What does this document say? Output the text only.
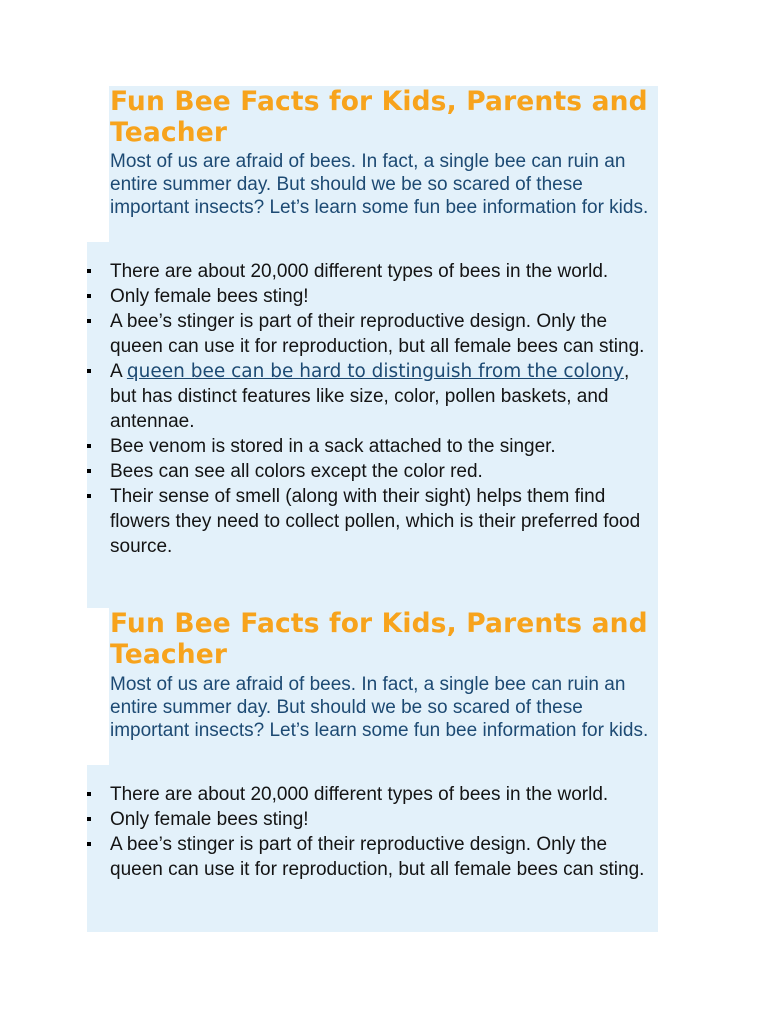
Fun Bee Facts for Kids, Parents and Teacher

Most of us are afraid of bees. In fact, a single bee can ruin an entire summer day. But should we be so scared of these important insects? Let’s learn some fun bee information for kids.

There are about 20,000 different types of bees in the world.
Only female bees sting!
A bee’s stinger is part of their reproductive design. Only the queen can use it for reproduction, but all female bees can sting.
A queen bee can be hard to distinguish from the colony, but has distinct features like size, color, pollen baskets, and antennae.
Bee venom is stored in a sack attached to the singer.
Bees can see all colors except the color red.
Their sense of smell (along with their sight) helps them find flowers they need to collect pollen, which is their preferred food source.
Fun Bee Facts for Kids, Parents and Teacher

Most of us are afraid of bees. In fact, a single bee can ruin an entire summer day. But should we be so scared of these important insects? Let’s learn some fun bee information for kids.

There are about 20,000 different types of bees in the world.
Only female bees sting!
A bee’s stinger is part of their reproductive design. Only the queen can use it for reproduction, but all female bees can sting.
